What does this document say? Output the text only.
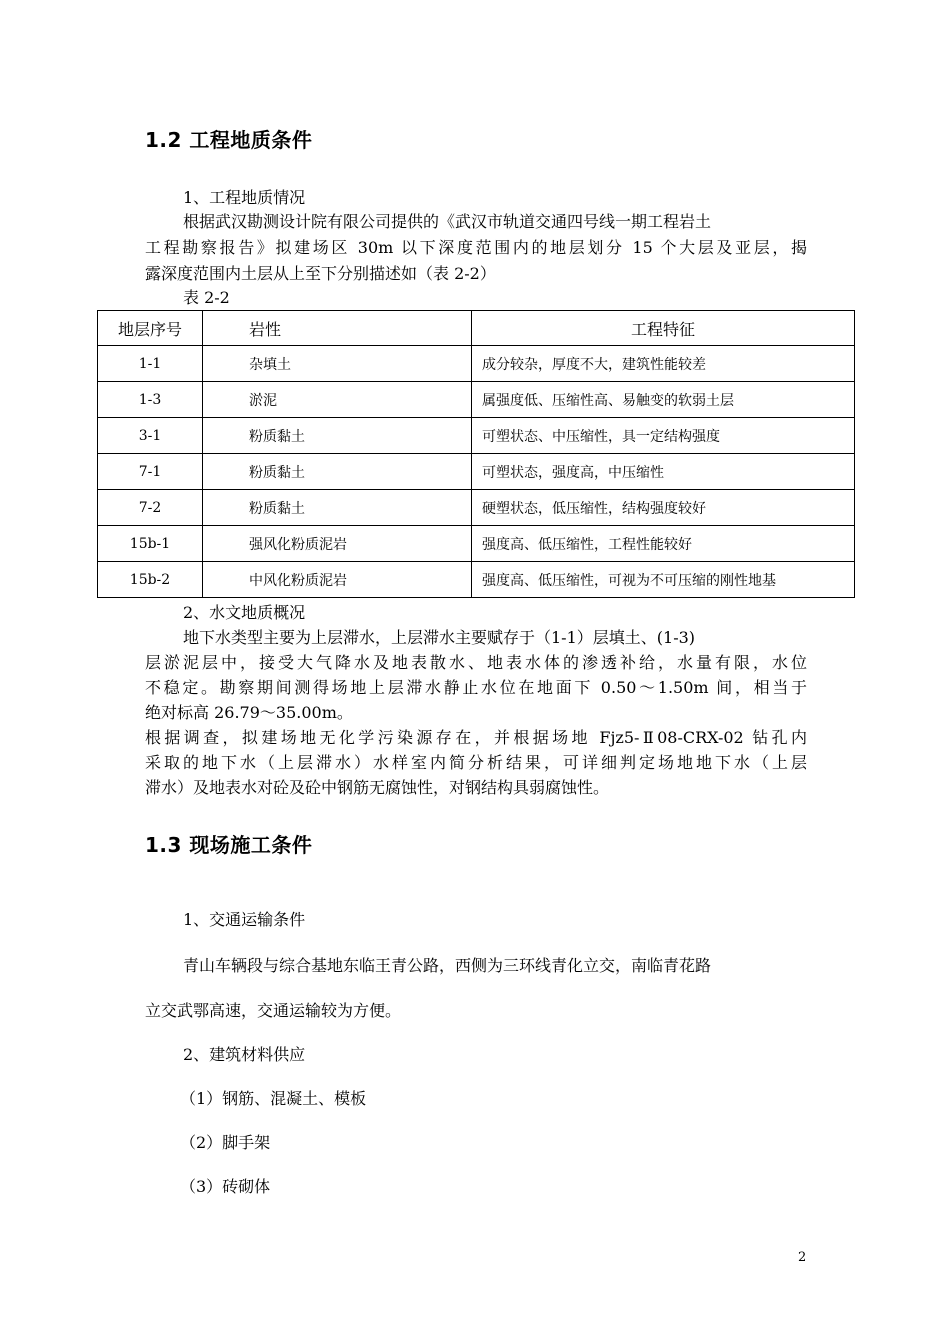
1.2 工程地质条件
1、工程地质情况
根据武汉勘测设计院有限公司提供的《武汉市轨道交通四号线一期工程岩土
工程勘察报告》拟建场区 30m 以下深度范围内的地层划分 15 个大层及亚层，揭
露深度范围内土层从上至下分别描述如（表 2-2）
表 2-2
地层序号	岩性	工程特征
1-1	杂填土	成分较杂，厚度不大，建筑性能较差
1-3	淤泥	属强度低、压缩性高、易触变的软弱土层
3-1	粉质黏土	可塑状态、中压缩性，具一定结构强度
7-1	粉质黏土	可塑状态，强度高，中压缩性
7-2	粉质黏土	硬塑状态，低压缩性，结构强度较好
15b-1	强风化粉质泥岩	强度高、低压缩性，工程性能较好
15b-2	中风化粉质泥岩	强度高、低压缩性，可视为不可压缩的刚性地基
2、水文地质概况
地下水类型主要为上层滞水，上层滞水主要赋存于（1-1）层填土、(1-3)
层淤泥层中，接受大气降水及地表散水、地表水体的渗透补给，水量有限，水位
不稳定。勘察期间测得场地上层滞水静止水位在地面下 0.50～1.50m 间，相当于
绝对标高 26.79～35.00m。
根据调查，拟建场地无化学污染源存在，并根据场地 Fjz5-Ⅱ08-CRX-02 钻孔内
采取的地下水（上层滞水）水样室内简分析结果，可详细判定场地地下水（上层
滞水）及地表水对砼及砼中钢筋无腐蚀性，对钢结构具弱腐蚀性。
1.3 现场施工条件
1、交通运输条件
青山车辆段与综合基地东临王青公路，西侧为三环线青化立交，南临青花路
立交武鄂高速，交通运输较为方便。
2、建筑材料供应
（1）钢筋、混凝土、模板
（2）脚手架
（3）砖砌体
2
